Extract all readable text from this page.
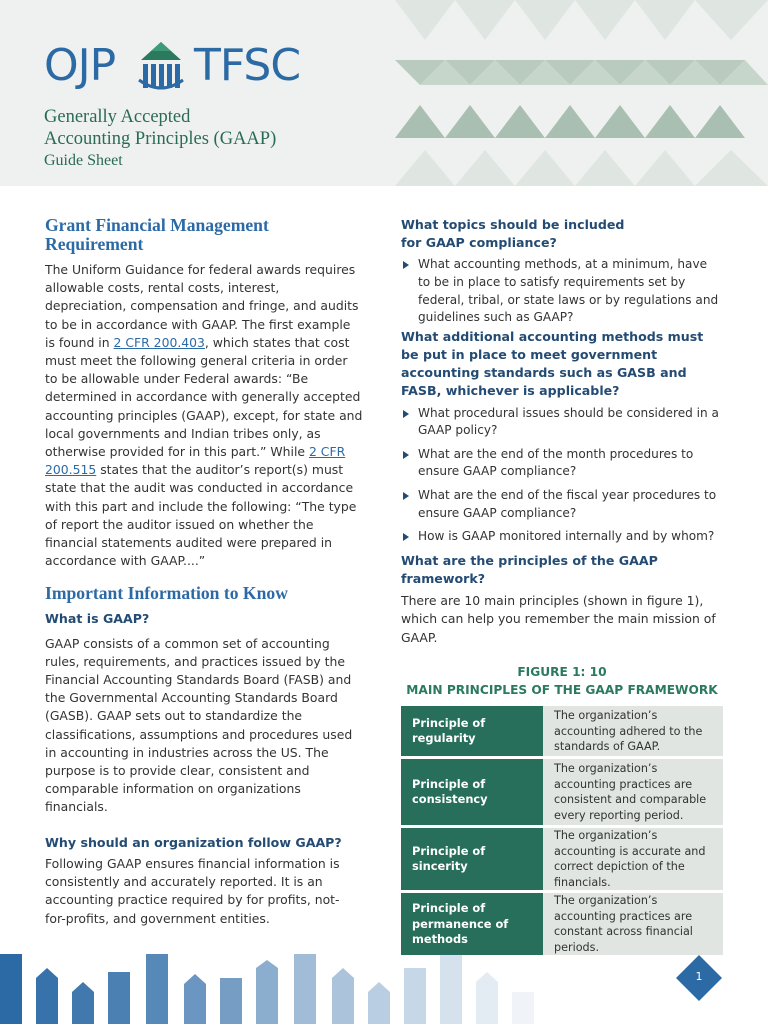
OJP TFSC
Generally Accepted
Accounting Principles (GAAP)
Guide Sheet
Grant Financial Management Requirement

The Uniform Guidance for federal awards requires allowable costs, rental costs, interest, depreciation, compensation and fringe, and audits to be in accordance with GAAP. The first example is found in 2 CFR 200.403, which states that cost must meet the following general criteria in order to be allowable under Federal awards: “Be determined in accordance with generally accepted accounting principles (GAAP), except, for state and local governments and Indian tribes only, as otherwise provided for in this part.” While 2 CFR 200.515 states that the auditor’s report(s) must state that the audit was conducted in accordance with this part and include the following: “The type of report the auditor issued on whether the financial statements audited were prepared in accordance with GAAP....”

Important Information to Know

What is GAAP?

GAAP consists of a common set of accounting rules, requirements, and practices issued by the Financial Accounting Standards Board (FASB) and the Governmental Accounting Standards Board (GASB). GAAP sets out to standardize the classifications, assumptions and procedures used in accounting in industries across the US. The purpose is to provide clear, consistent and comparable information on organizations financials.

Why should an organization follow GAAP?

Following GAAP ensures financial information is consistently and accurately reported. It is an accounting practice required by for profits, not-for-profits, and government entities.

What topics should be included for GAAP compliance?

What accounting methods, at a minimum, have to be in place to satisfy requirements set by federal, tribal, or state laws or by regulations and guidelines such as GAAP?

What additional accounting methods must be put in place to meet government accounting standards such as GASB and FASB, whichever is applicable?

What procedural issues should be considered in a GAAP policy?

What are the end of the month procedures to ensure GAAP compliance?

What are the end of the fiscal year procedures to ensure GAAP compliance?

How is GAAP monitored internally and by whom?

What are the principles of the GAAP framework?

There are 10 main principles (shown in figure 1), which can help you remember the main mission of GAAP.

FIGURE 1: 10

MAIN PRINCIPLES OF THE GAAP FRAMEWORK

Principle of regularity	The organization’s accounting adhered to the standards of GAAP.
Principle of consistency	The organization’s accounting practices are consistent and comparable every reporting period.
Principle of sincerity	The organization’s accounting is accurate and correct depiction of the financials.
Principle of permanence of methods	The organization’s accounting practices are constant across financial periods.
1
